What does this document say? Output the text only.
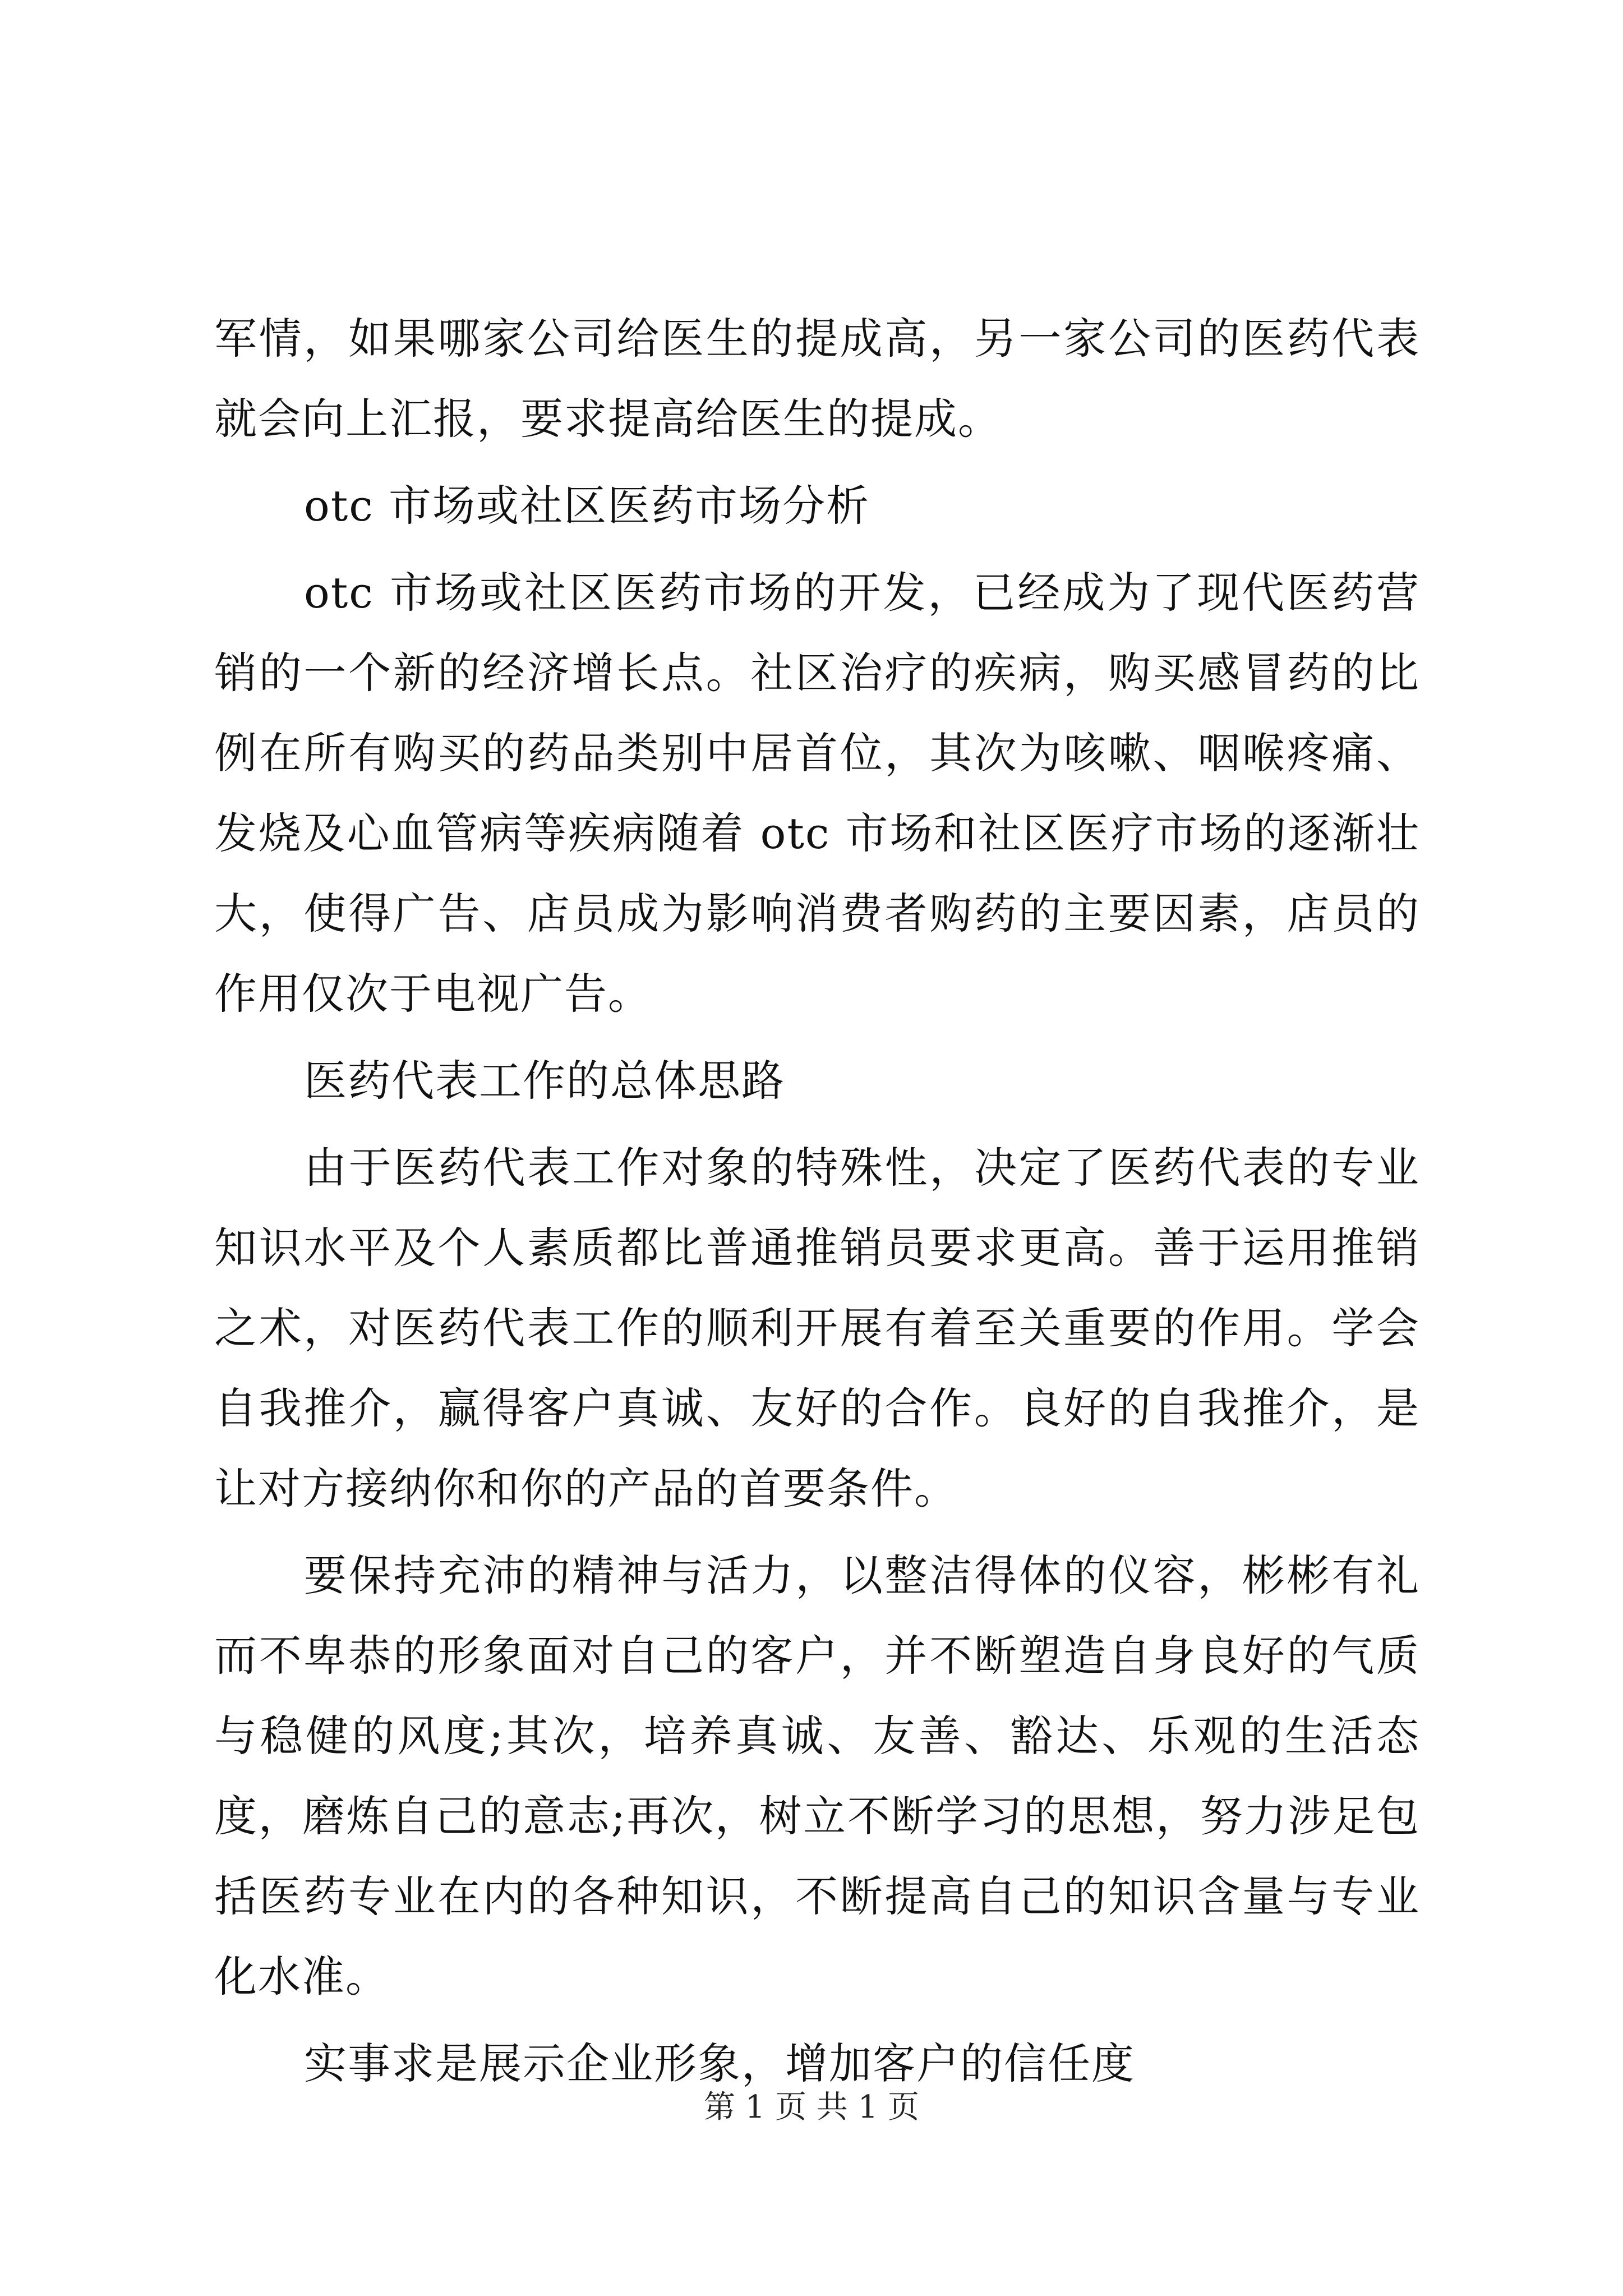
军情，如果哪家公司给医生的提成高，另一家公司的医药代表就会向上汇报，要求提高给医生的提成。

otc 市场或社区医药市场分析

otc 市场或社区医药市场的开发，已经成为了现代医药营销的一个新的经济增长点。社区治疗的疾病，购买感冒药的比例在所有购买的药品类别中居首位，其次为咳嗽、咽喉疼痛、发烧及心血管病等疾病随着 otc 市场和社区医疗市场的逐渐壮大，使得广告、店员成为影响消费者购药的主要因素，店员的作用仅次于电视广告。

医药代表工作的总体思路

由于医药代表工作对象的特殊性，决定了医药代表的专业知识水平及个人素质都比普通推销员要求更高。善于运用推销之术，对医药代表工作的顺利开展有着至关重要的作用。学会自我推介，赢得客户真诚、友好的合作。良好的自我推介，是让对方接纳你和你的产品的首要条件。

要保持充沛的精神与活力，以整洁得体的仪容，彬彬有礼而不卑恭的形象面对自己的客户，并不断塑造自身良好的气质与稳健的风度;其次，培养真诚、友善、豁达、乐观的生活态度，磨炼自己的意志;再次，树立不断学习的思想，努力涉足包括医药专业在内的各种知识，不断提高自己的知识含量与专业化水准。

实事求是展示企业形象，增加客户的信任度

第 1 页 共 1 页
